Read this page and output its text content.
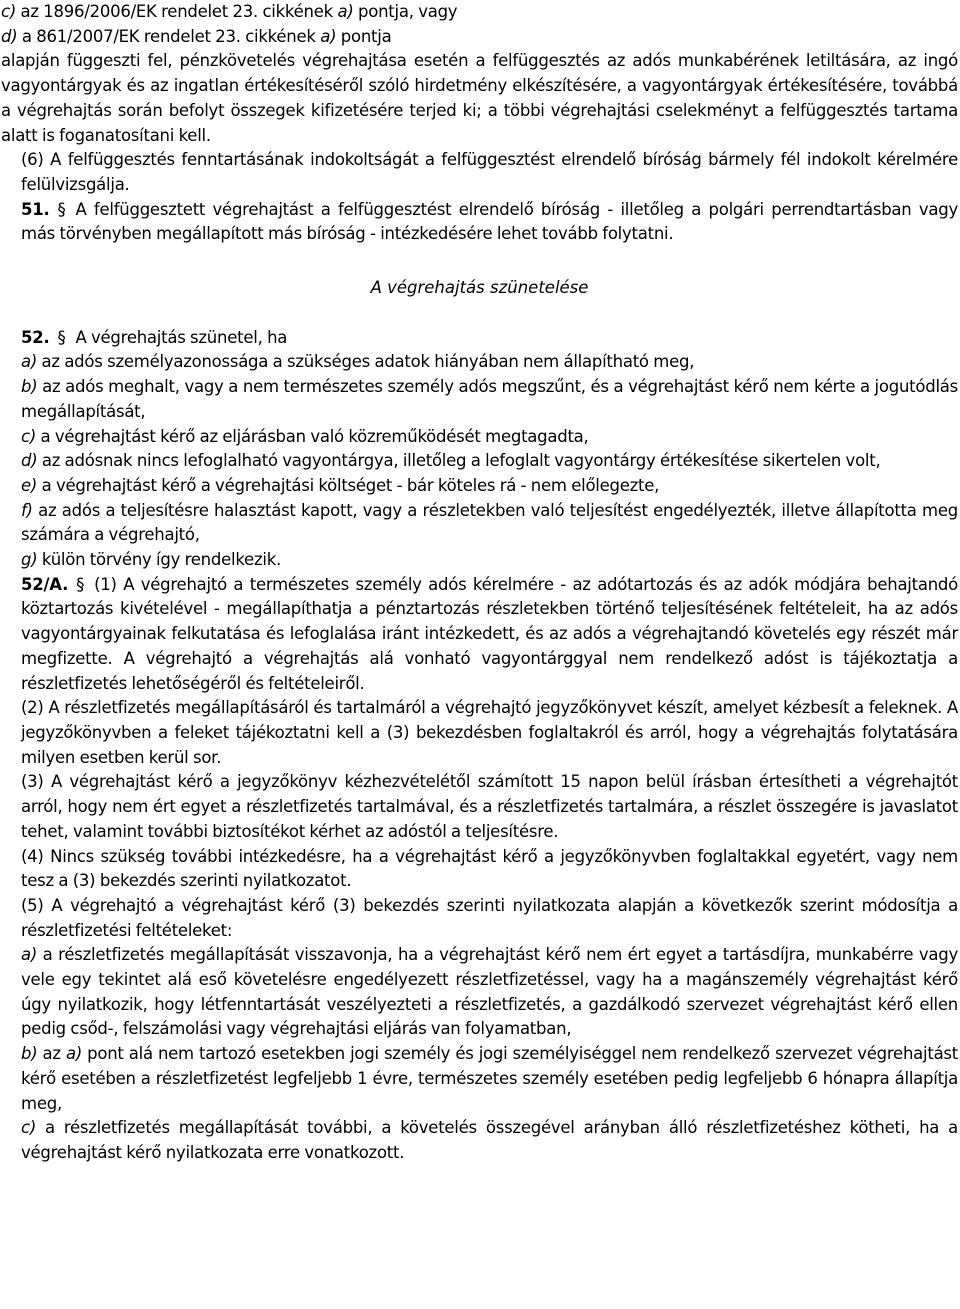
c) az 1896/2006/EK rendelet 23. cikkének a) pontja, vagy

d) a 861/2007/EK rendelet 23. cikkének a) pontja

alapján függeszti fel, pénzkövetelés végrehajtása esetén a felfüggesztés az adós munkabérének letiltására, az ingó vagyontárgyak és az ingatlan értékesítéséről szóló hirdetmény elkészítésére, a vagyontárgyak értékesítésére, továbbá a végrehajtás során befolyt összegek kifizetésére terjed ki; a többi végrehajtási cselekményt a felfüggesztés tartama alatt is foganatosítani kell.

(6) A felfüggesztés fenntartásának indokoltságát a felfüggesztést elrendelő bíróság bármely fél indokolt kérelmére felülvizsgálja.

51. § A felfüggesztett végrehajtást a felfüggesztést elrendelő bíróság - illetőleg a polgári perrendtartásban vagy más törvényben megállapított más bíróság - intézkedésére lehet tovább folytatni.

A végrehajtás szünetelése

52. § A végrehajtás szünetel, ha

a) az adós személyazonossága a szükséges adatok hiányában nem állapítható meg,

b) az adós meghalt, vagy a nem természetes személy adós megszűnt, és a végrehajtást kérő nem kérte a jogutódlás megállapítását,

c) a végrehajtást kérő az eljárásban való közreműködését megtagadta,

d) az adósnak nincs lefoglalható vagyontárgya, illetőleg a lefoglalt vagyontárgy értékesítése sikertelen volt,

e) a végrehajtást kérő a végrehajtási költséget - bár köteles rá - nem előlegezte,

f) az adós a teljesítésre halasztást kapott, vagy a részletekben való teljesítést engedélyezték, illetve állapította meg számára a végrehajtó,

g) külön törvény így rendelkezik.

52/A. § (1) A végrehajtó a természetes személy adós kérelmére - az adótartozás és az adók módjára behajtandó köztartozás kivételével - megállapíthatja a pénztartozás részletekben történő teljesítésének feltételeit, ha az adós vagyontárgyainak felkutatása és lefoglalása iránt intézkedett, és az adós a végrehajtandó követelés egy részét már megfizette. A végrehajtó a végrehajtás alá vonható vagyontárggyal nem rendelkező adóst is tájékoztatja a részletfizetés lehetőségéről és feltételeiről.

(2) A részletfizetés megállapításáról és tartalmáról a végrehajtó jegyzőkönyvet készít, amelyet kézbesít a feleknek. A jegyzőkönyvben a feleket tájékoztatni kell a (3) bekezdésben foglaltakról és arról, hogy a végrehajtás folytatására milyen esetben kerül sor.

(3) A végrehajtást kérő a jegyzőkönyv kézhezvételétől számított 15 napon belül írásban értesítheti a végrehajtót arról, hogy nem ért egyet a részletfizetés tartalmával, és a részletfizetés tartalmára, a részlet összegére is javaslatot tehet, valamint további biztosítékot kérhet az adóstól a teljesítésre.

(4) Nincs szükség további intézkedésre, ha a végrehajtást kérő a jegyzőkönyvben foglaltakkal egyetért, vagy nem tesz a (3) bekezdés szerinti nyilatkozatot.

(5) A végrehajtó a végrehajtást kérő (3) bekezdés szerinti nyilatkozata alapján a következők szerint módosítja a részletfizetési feltételeket:

a) a részletfizetés megállapítását visszavonja, ha a végrehajtást kérő nem ért egyet a tartásdíjra, munkabérre vagy vele egy tekintet alá eső követelésre engedélyezett részletfizetéssel, vagy ha a magánszemély végrehajtást kérő úgy nyilatkozik, hogy létfenntartását veszélyezteti a részletfizetés, a gazdálkodó szervezet végrehajtást kérő ellen pedig csőd-, felszámolási vagy végrehajtási eljárás van folyamatban,

b) az a) pont alá nem tartozó esetekben jogi személy és jogi személyiséggel nem rendelkező szervezet végrehajtást kérő esetében a részletfizetést legfeljebb 1 évre, természetes személy esetében pedig legfeljebb 6 hónapra állapítja meg,

c) a részletfizetés megállapítását további, a követelés összegével arányban álló részletfizetéshez kötheti, ha a végrehajtást kérő nyilatkozata erre vonatkozott.
